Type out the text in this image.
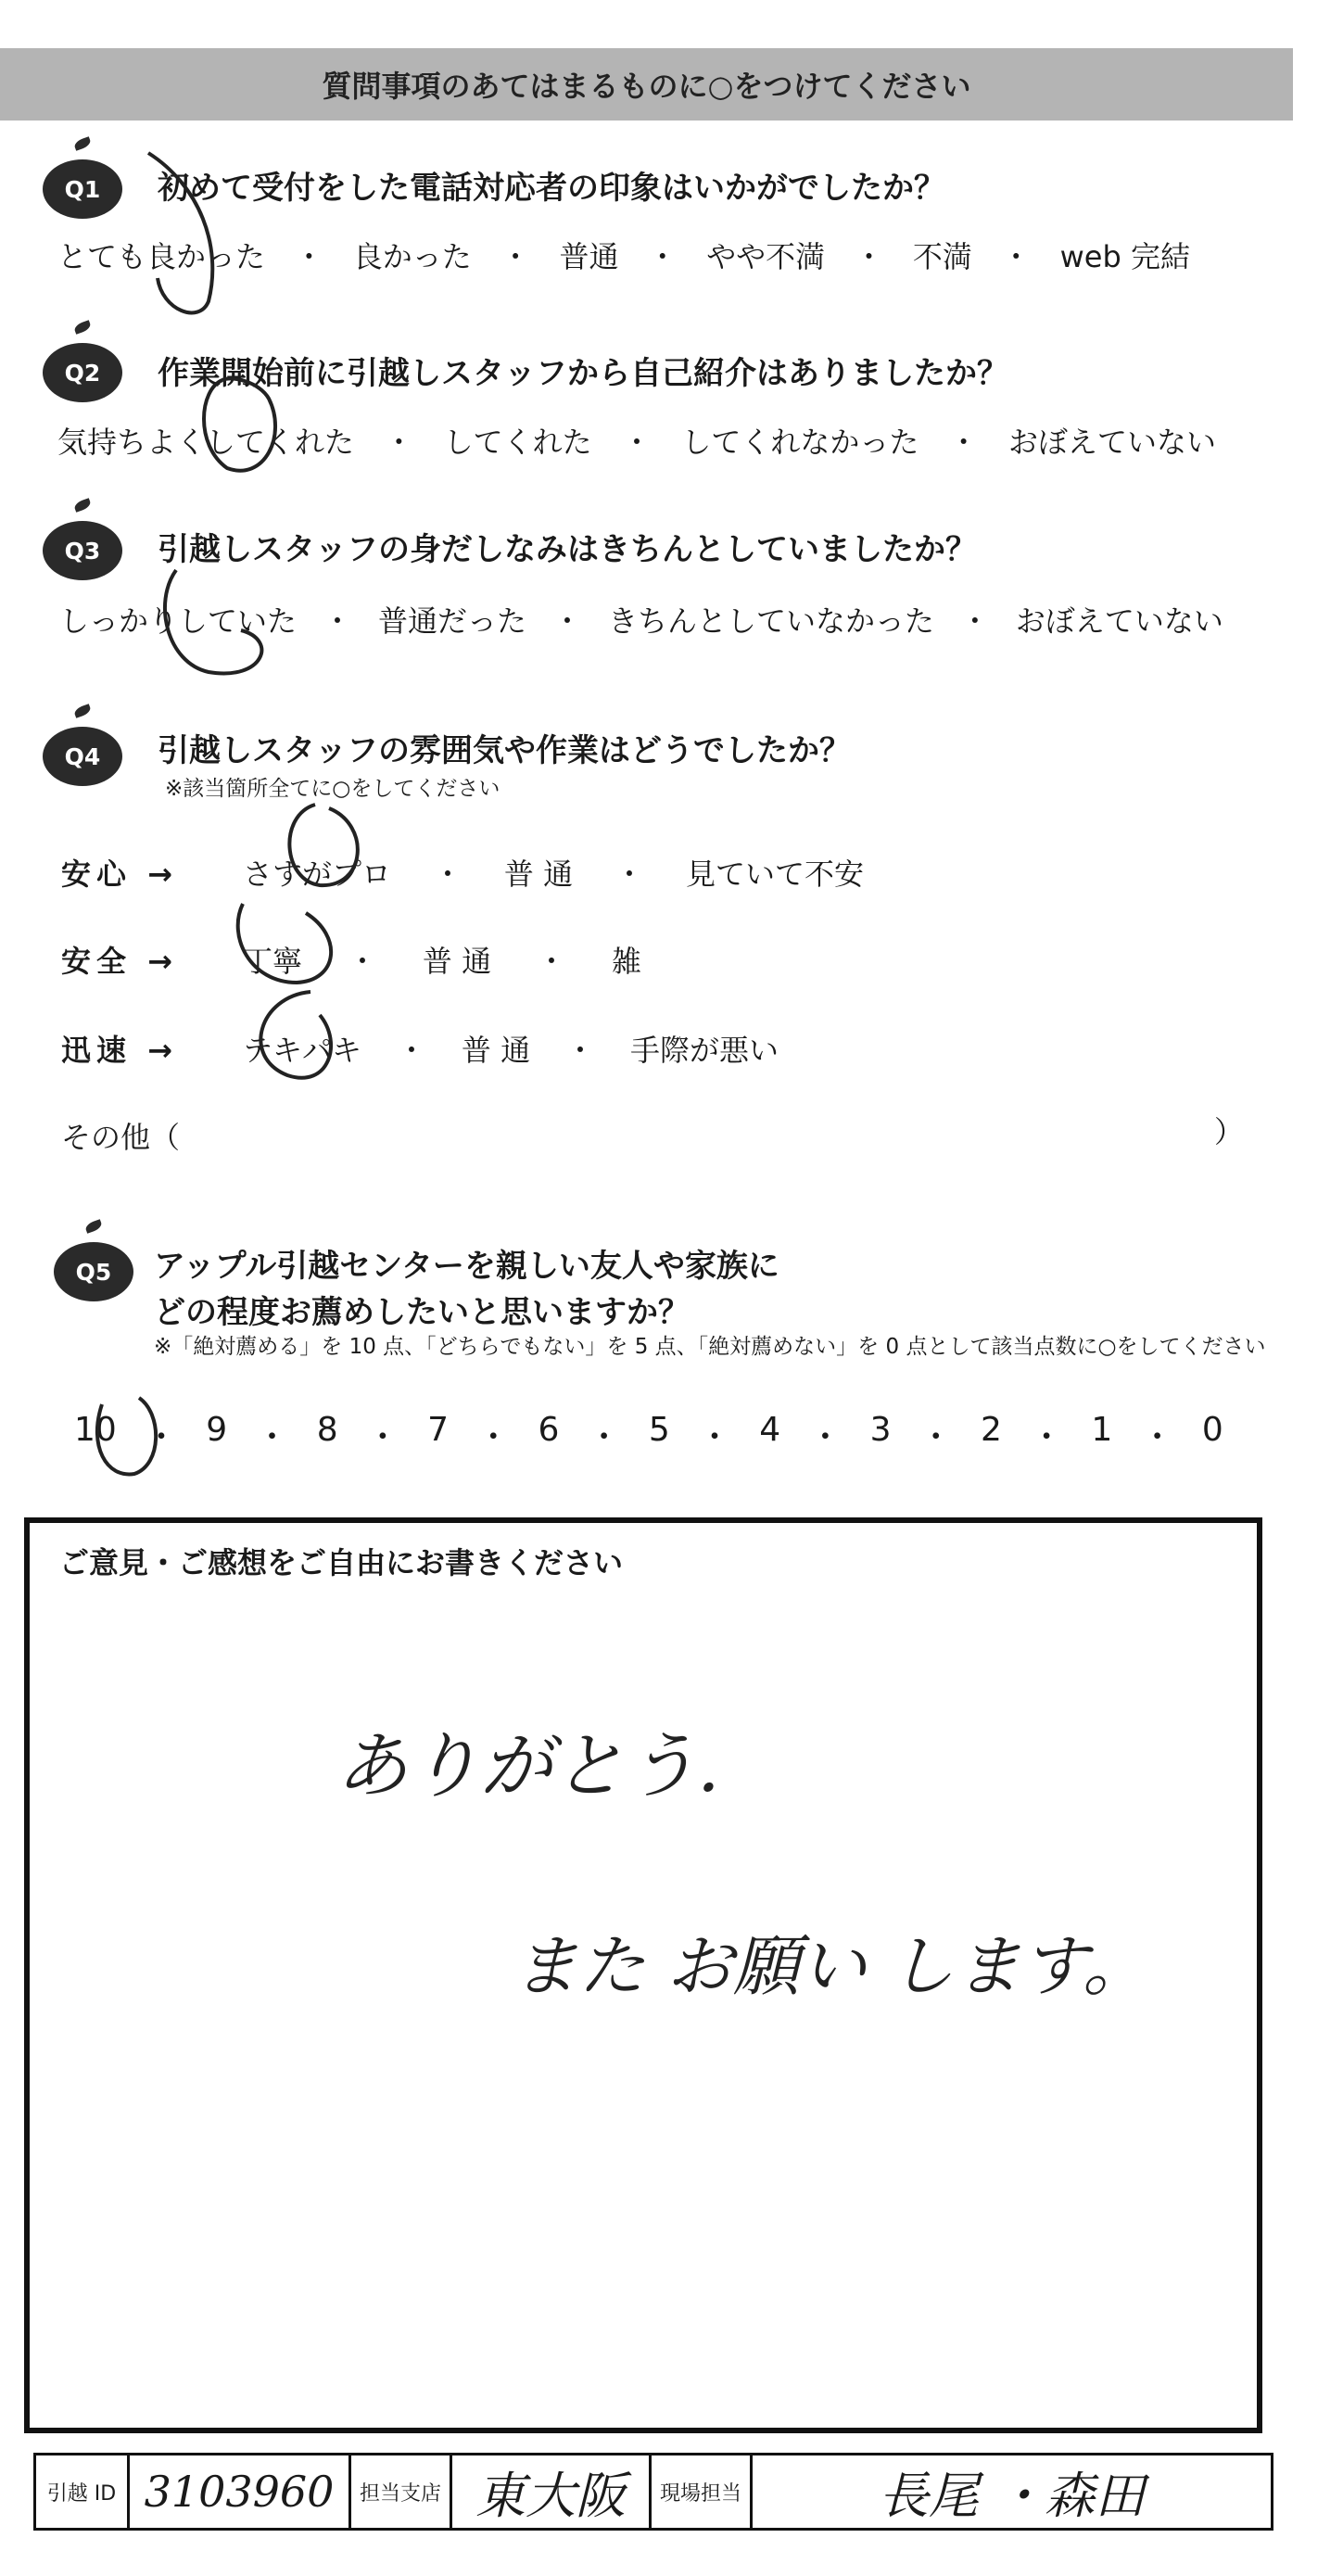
質問事項のあてはまるものに○をつけてください
Q1 初めて受付をした電話対応者の印象はいかがでしたか？
とても良かった ・ 良かった ・ 普通 ・ やや不満 ・ 不満 ・ web 完結
Q2 作業開始前に引越しスタッフから自己紹介はありましたか？
気持ちよくしてくれた ・ してくれた ・ してくれなかった ・ おぼえていない
Q3 引越しスタッフの身だしなみはきちんとしていましたか？
しっかりしていた ・ 普通だった ・ きちんとしていなかった ・ おぼえていない
Q4 引越しスタッフの雰囲気や作業はどうでしたか？
※該当箇所全てに○をしてください
安心 → さすがプロ ・ 普 通 ・ 見ていて不安
安全 → 丁寧 ・ 普 通 ・ 雑
迅速 → テキパキ ・ 普 通 ・ 手際が悪い
その他（	）
Q5 アップル引越センターを親しい友人や家族に
どの程度お薦めしたいと思いますか？
※「絶対薦める」を 10 点、「どちらでもない」を 5 点、「絶対薦めない」を 0 点として該当点数に○をしてください
10 ・ 9 ・ 8 ・ 7 ・ 6 ・ 5 ・ 4 ・ 3 ・ 2 ・ 1 ・ 0
ご意見・ご感想をご自由にお書きください
ありがとう.
また お願い します。
引越 ID 3103960	担当支店 東大阪	現場担当	長尾 ・森田
